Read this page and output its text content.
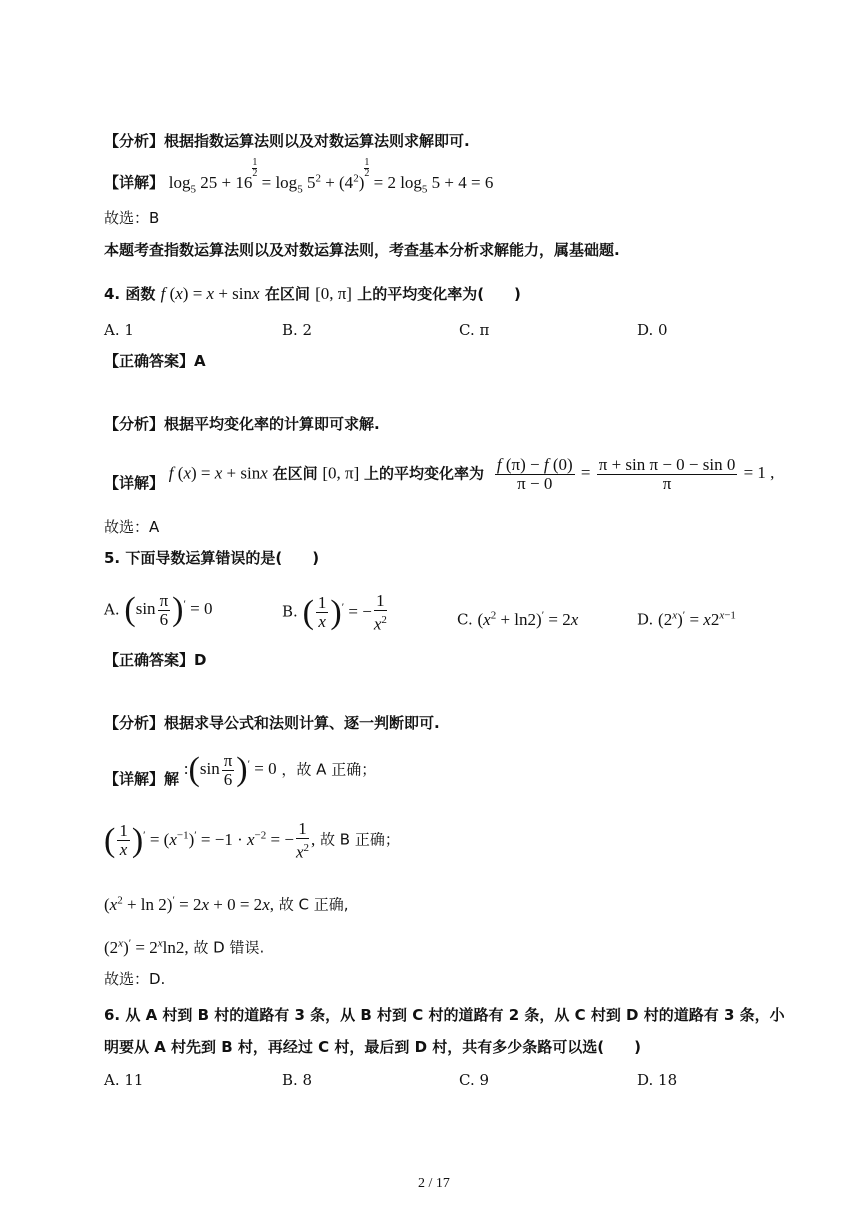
【分析】根据指数运算法则以及对数运算法则求解即可.
【详解】 $\log_5 25 + 16$
1
$2 = \log_5 5^2 + (4^2)$
1
2 = 2 $\log_5 5 + 4 = 6$
故选：B
本题考查指数运算法则以及对数运算法则，考查基本分析求解能力，属基础题.
4. 函数 f (x) = x + sinx 在区间 [0, π] 上的平均变化率为(　　)
A. 1	B. 2	C. π	D. 0
【正确答案】A
【分析】根据平均变化率的计算即可求解.
【详解】 f (x) = x + sinx 在区间 [0, π] 上的平均变化率为 $\frac{f (\pi) - f (0)}{\pi - 0} = \frac{\text{π + sin π − 0 − sin 0}}{\pi} = 1$ ,
故选：A
5. 下面导数运算错误的是(　　)
A. $(\sin \frac{\pi}{6} )' = 0$	B. ( $\frac{1}{x} )'$ = − $\frac{1}{x^2}$	C. $(x^2 + \ln 2)' = 2x$	D. $(2^x)' = x2^{x-1}$
【正确答案】D
【分析】根据求导公式和法则计算、逐一判断即可.
【详解】解 :(sin $\frac{\pi}{6} )' = 0$ ，故 A 正确；
( $\frac{1}{x} )' = (x^{-1})' = -1 \cdot x^{-2}$ = − $\frac{1}{x^2}$ , 故 B 正确；
$(x^2 + \ln 2)' = 2x + 0 = 2x$, 故 C 正确,
$(2^x)' = 2^x\ln 2$, 故 D 错误.
故选：D.
6. 从 A 村到 B 村的道路有 3 条，从 B 村到 C 村的道路有 2 条，从 C 村到 D 村的道路有 3 条，小
明要从 A 村先到 B 村，再经过 C 村，最后到 D 村，共有多少条路可以选(　　)
A. 11	B. 8	C. 9	D. 18
2 / 17
